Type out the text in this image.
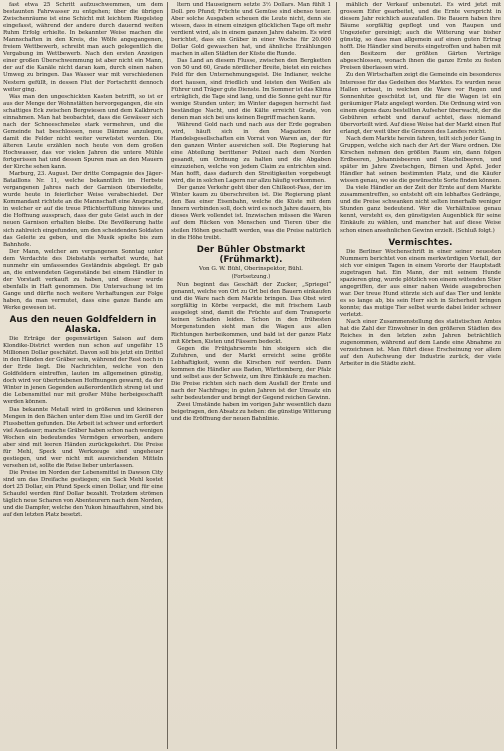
fast etwa 25 Schritt aufzuschwemmen, um dem bestaunten Fahrwasser zu entgehen; über die übrigen Zwischenräume ist eine Schicht mit leichtem Riegelsteg eingefasst, während der andere durch dauernd weiten Ruhm Erfolg erhielte. In bekannter Weise machen die Mannschaften in den Kreis, die Wölfe angegangenen, freiem Wettbewerb, schreibt man auch gelegentlich die Vergabung im Wettbewerb. Nach den ersten Anzeigen einer großen Überschwemmung ist aber nicht ein Mann, der auf die Kanäle nicht daran kam, durch einen nahen Umweg zu bringen. Das Wasser war mit verschiedenen Nestern gefüllt, in dessen Flut der Fortschritt dennoch weiter ging.

Was man den ungeschickten Kasten betrifft, so ist er aus der Menge der Wohnstätten hervorgegangen, die ein schattiges Eck zwischen Bergwiesen und dem Kalkbruch einnahmen. Man hat beobachtet, dass die Gewässer sich nach der Schneeschmelze stark vermehren, und die Gemeinde hat beschlossen, neue Dämme anzulegen, damit die Felder nicht weiter verwüstet werden. Die älteren Leute erzählen noch heute von dem großen Hochwasser, das vor vielen Jahren die untere Mühle fortgerissen hat und dessen Spuren man an den Mauern der Kirche sehen kann.

Marburg, 23. August. Der dritte Compagnie des Jäger-Bataillons Nr. 11, welche bekanntlich im Herbste vergangenen Jahres nach der Garnison übersiedelte, wurde heute in feierlicher Weise verabschiedet. Der Kommandant richtete an die Mannschaft eine Ansprache, in welcher er auf die treue Pflichterfüllung hinwies und die Hoffnung aussprach, dass der gute Geist auch in der neuen Garnison erhalten bleibe. Die Bevölkerung hatte sich zahlreich eingefunden, um den scheidenden Soldaten das Geleite zu geben, und die Musik spielte bis zum Bahnhofe.

Der Mann, welcher am vergangenen Sonntag unter dem Verdachte des Diebstahls verhaftet wurde, hat nunmehr ein umfassendes Geständnis abgelegt. Er gab an, die entwendeten Gegenstände bei einem Händler in der Vorstadt verkauft zu haben, und dieser wurde ebenfalls in Haft genommen. Die Untersuchung ist im Gange und dürfte noch weitere Verhaftungen zur Folge haben, da man vermutet, dass eine ganze Bande am Werke gewesen ist.

Aus den neuen Goldfeldern in Alaska.

Die Erträge der gegenwärtigen Saison auf dem Klondike-District werden nun schon auf ungefähr 15 Millionen Dollar geschätzt. Davon soll bis jetzt ein Drittel in den Händen der Gräber sein, während der Rest noch in der Erde liegt. Die Nachrichten, welche von den Goldfeldern eintreffen, lauten im allgemeinen günstig, doch wird vor übertriebenen Hoffnungen gewarnt, da der Winter in jenen Gegenden außerordentlich streng ist und die Lebensmittel nur mit großer Mühe herbeigeschafft werden können.

Das bekannte Metall wird in größeren und kleineren Mengen in den Bächen unter dem Eise und im Geröll der Flussbetten gefunden. Die Arbeit ist schwer und erfordert viel Ausdauer; manche Gräber haben schon nach wenigen Wochen ein bedeutendes Vermögen erworben, andere aber sind mit leeren Händen zurückgekehrt. Die Preise für Mehl, Speck und Werkzeuge sind ungeheuer gestiegen, und wer nicht mit ausreichenden Mitteln versehen ist, sollte die Reise lieber unterlassen.

Die Preise im Norden der Lebensmittel in Dawson City sind um das Dreifache gestiegen; ein Sack Mehl kostet dort 25 Dollar, ein Pfund Speck einen Dollar, und für eine Schaufel werden fünf Dollar bezahlt. Trotzdem strömen täglich neue Scharen von Abenteurern nach dem Norden, und die Dampfer, welche den Yukon hinauffahren, sind bis auf den letzten Platz besetzt.

ltern und Hauseignern setzte 3½ Dollars. Man fühlt 1 Doll. pro Pfund; Früchte und Gemüse sind ebenso teuer. Aber solche Ausgaben scheuen die Leute nicht, denn sie wissen, dass in einem einzigen glücklichen Tage oft mehr verdient wird, als in einem ganzen Jahre daheim. Es wird berichtet, dass ein Gräber in einer Woche für 20.000 Dollar Gold gewaschen hat, und ähnliche Erzählungen machen in allen Städten der Küste die Runde.

Das Land an diesem Flusse, zwischen den Bergketten von 50 und 60, Grade nördlicher Breite, bietet ein reiches Feld für den Unternehmungsgeist. Die Indianer, welche dort hausen, sind friedlich und leisten den Weißen als Führer und Träger gute Dienste. Im Sommer ist das Klima erträglich, die Tage sind lang, und die Sonne geht nur für wenige Stunden unter; im Winter dagegen herrscht fast beständige Nacht, und die Kälte erreicht Grade, von denen man sich bei uns keinen Begriff machen kann.

Während Gold nach und nach aus der Erde gegraben wird, häuft sich in den Magazinen der Handelsgesellschaften ein Vorrat von Waren an, der für den ganzen Winter ausreichen soll. Die Regierung hat eine Abteilung berittener Polizei nach dem Norden gesandt, um Ordnung zu halten und die Abgaben einzuziehen, welche von jedem Claim zu entrichten sind. Man hofft, dass dadurch den Streitigkeiten vorgebeugt wird, die in solchen Lagern nur allzu häufig vorkommen.

Der ganze Verkehr geht über den Chilkoot-Pass, der im Winter kaum zu überschreiten ist. Die Regierung plant den Bau einer Eisenbahn, welche die Küste mit dem Innern verbinden soll, doch wird es noch Jahre dauern, bis dieses Werk vollendet ist. Inzwischen müssen die Waren auf dem Rücken von Menschen und Tieren über die steilen Höhen geschafft werden, was die Preise natürlich in die Höhe treibt.

Der Bühler Obstmarkt (Frühmarkt).
Von G. W. Bühl, Oberinspektor, Bühl.
(Fortsetzung.)

Nun beginnt das Geschäft der Zucker, „Spriegel“ genannt, welche von Ort zu Ort bei den Bauern einkaufen und die Ware nach dem Markte bringen. Das Obst wird sorgfältig in Körbe verpackt, die mit frischem Laub ausgelegt sind, damit die Früchte auf dem Transporte keinen Schaden leiden. Schon in den frühesten Morgenstunden sieht man die Wagen aus allen Richtungen herbeikommen, und bald ist der ganze Platz mit Körben, Kisten und Fässern bedeckt.

Gegen die Frühjahrsernte hin steigern sich die Zufuhren, und der Markt erreicht seine größte Lebhaftigkeit, wenn die Kirschen reif werden. Dann kommen die Händler aus Baden, Württemberg, der Pfalz und selbst aus der Schweiz, um ihre Einkäufe zu machen. Die Preise richten sich nach dem Ausfall der Ernte und nach der Nachfrage; in guten Jahren ist der Umsatz ein sehr bedeutender und bringt der Gegend reichen Gewinn.

Zwei Umstände haben im vorigen Jahr wesentlich dazu beigetragen, den Absatz zu heben: die günstige Witterung und die Eröffnung der neuen Bahnlinie.

mählich der Verkauf unbenutzt. Es wird jetzt mit grossem Eifer gearbeitet, und die Ernte verspricht in diesem Jahr reichlich auszufallen. Die Bauern haben ihre Bäume sorgfältig gepflegt und von Raupen und Ungeziefer gereinigt; auch die Witterung war bisher günstig, so dass man allgemein auf einen guten Ertrag hofft. Die Händler sind bereits eingetroffen und haben mit den Besitzern der größten Gärten Verträge abgeschlossen, wonach ihnen die ganze Ernte zu festen Preisen überlassen wird.

Zu den Wirtschaften zeigt die Gemeinde ein besonderes Interesse für das Gedeihen des Marktes. Es wurden neue Hallen erbaut, in welchen die Ware vor Regen und Sonnenhitze geschützt ist, und für die Wagen ist ein geräumiger Platz angelegt worden. Die Ordnung wird von einem eigens dazu bestellten Aufseher überwacht, der die Gebühren erhebt und darauf achtet, dass niemand übervorteilt wird. Auf diese Weise hat der Markt einen Ruf erlangt, der weit über die Grenzen des Landes reicht.

Nach dem Markte herein fahren, teilt sich jeder Gang in Gruppen, welche sich nach der Art der Ware ordnen. Die Kirschen nehmen den größten Raum ein, dann folgen Erdbeeren, Johannisbeeren und Stachelbeeren, und später im Jahre Zwetschgen, Birnen und Äpfel. Jeder Händler hat seinen bestimmten Platz, und die Käufer wissen genau, wo sie die gewünschte Sorte finden können.

Da viele Händler an der Zeit der Ernte auf dem Markte zusammentreffen, so entsteht oft ein lebhaftes Gedränge, und die Preise schwanken nicht selten innerhalb weniger Stunden ganz bedeutend. Wer die Verhältnisse genau kennt, versteht es, den günstigsten Augenblick für seine Einkäufe zu wählen, und mancher hat auf diese Weise schon einen ansehnlichen Gewinn erzielt. (Schluß folgt.)

Vermischtes.

Die Berliner Wochenschrift in einer seiner neuesten Nummern berichtet von einem merkwürdigen Vorfall, der sich vor einigen Tagen in einem Vororte der Hauptstadt zugetragen hat. Ein Mann, der mit seinem Hunde spazieren ging, wurde plötzlich von einem wütenden Stier angegriffen, der aus einer nahen Weide ausgebrochen war. Der treue Hund stürzte sich auf das Tier und lenkte es so lange ab, bis sein Herr sich in Sicherheit bringen konnte; das mutige Tier selbst wurde dabei leider schwer verletzt.

Nach einer Zusammenstellung des statistischen Amtes hat die Zahl der Einwohner in den größeren Städten des Reiches in den letzten zehn Jahren beträchtlich zugenommen, während auf dem Lande eine Abnahme zu verzeichnen ist. Man führt diese Erscheinung vor allem auf den Aufschwung der Industrie zurück, der viele Arbeiter in die Städte zieht.
